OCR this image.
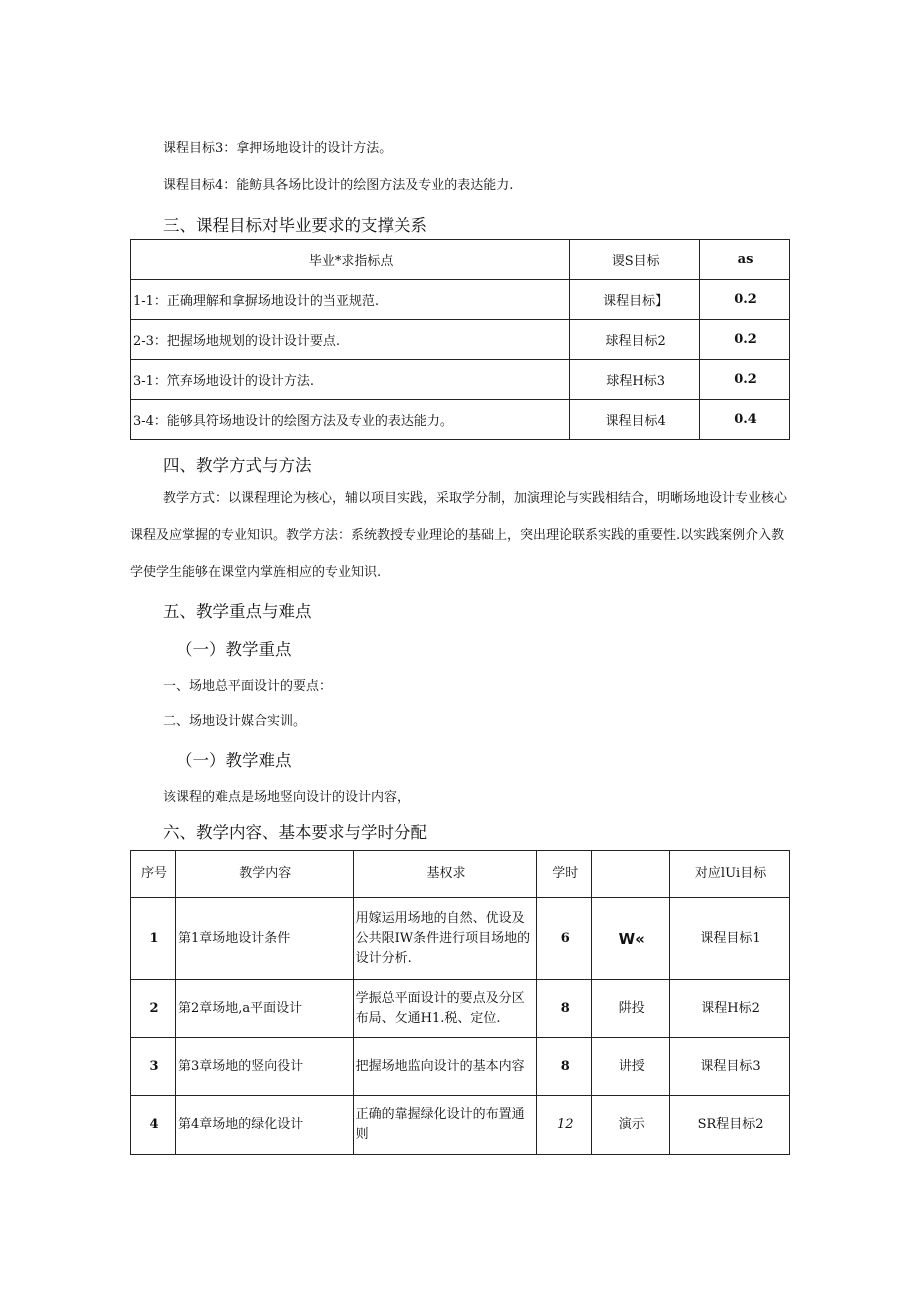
课程目标3：拿押场地设计的设计方法。
课程目标4：能鲂具各场比设计的绘图方法及专业的表达能力.
三、课程目标对毕业要求的支撑关系
毕业*求指标点	谡S目标	as
1-1：正确理解和拿摒场地设计的当亚规范.	课程目标】	0.2
2-3：把握场地规划的设计设计要点.	球程目标2	0.2
3-1：笊弃场地设计的设计方法.	球程H标3	0.2
3-4：能够具符场地设计的绘图方法及专业的表达能力。	课程目标4	0.4
四、教学方式与方法
教学方式：以课程理论为核心，辅以项目实践，采取学分制，加演理论与实践相结合，明晰场地设计专业核心课程及应掌握的专业知识。教学方法：系统教授专业理论的基础上，突出理论联系实践的重要性.以实践案例介入教学使学生能够在课堂内掌旌相应的专业知识.
五、教学重点与难点
（一）教学重点
一、场地总平面设计的要点：
二、场地设计媒合实训。
（一）教学难点
该课程的难点是场地竖向设计的设计内容，
六、教学内容、基本要求与学时分配
序号	教学内容	基权求	学时		对应lUi目标
1	第1章场地设计条件	用嫁运用场地的自然、优设及公共限IW条件进行项目场地的设计分析.	6	W«	课程目标1
2	第2章场地,a平面设计	学振总平面设计的要点及分区布局、攵通H1.税、定位.	8	阱投	课程H标2
3	第3章场地的竖向役计	把握场地监向设计的基本内容	8	讲授	课程目标3
4	第4章场地的绿化设计	正确的靠握绿化设计的布置通则	12	演示	SR程目标2
